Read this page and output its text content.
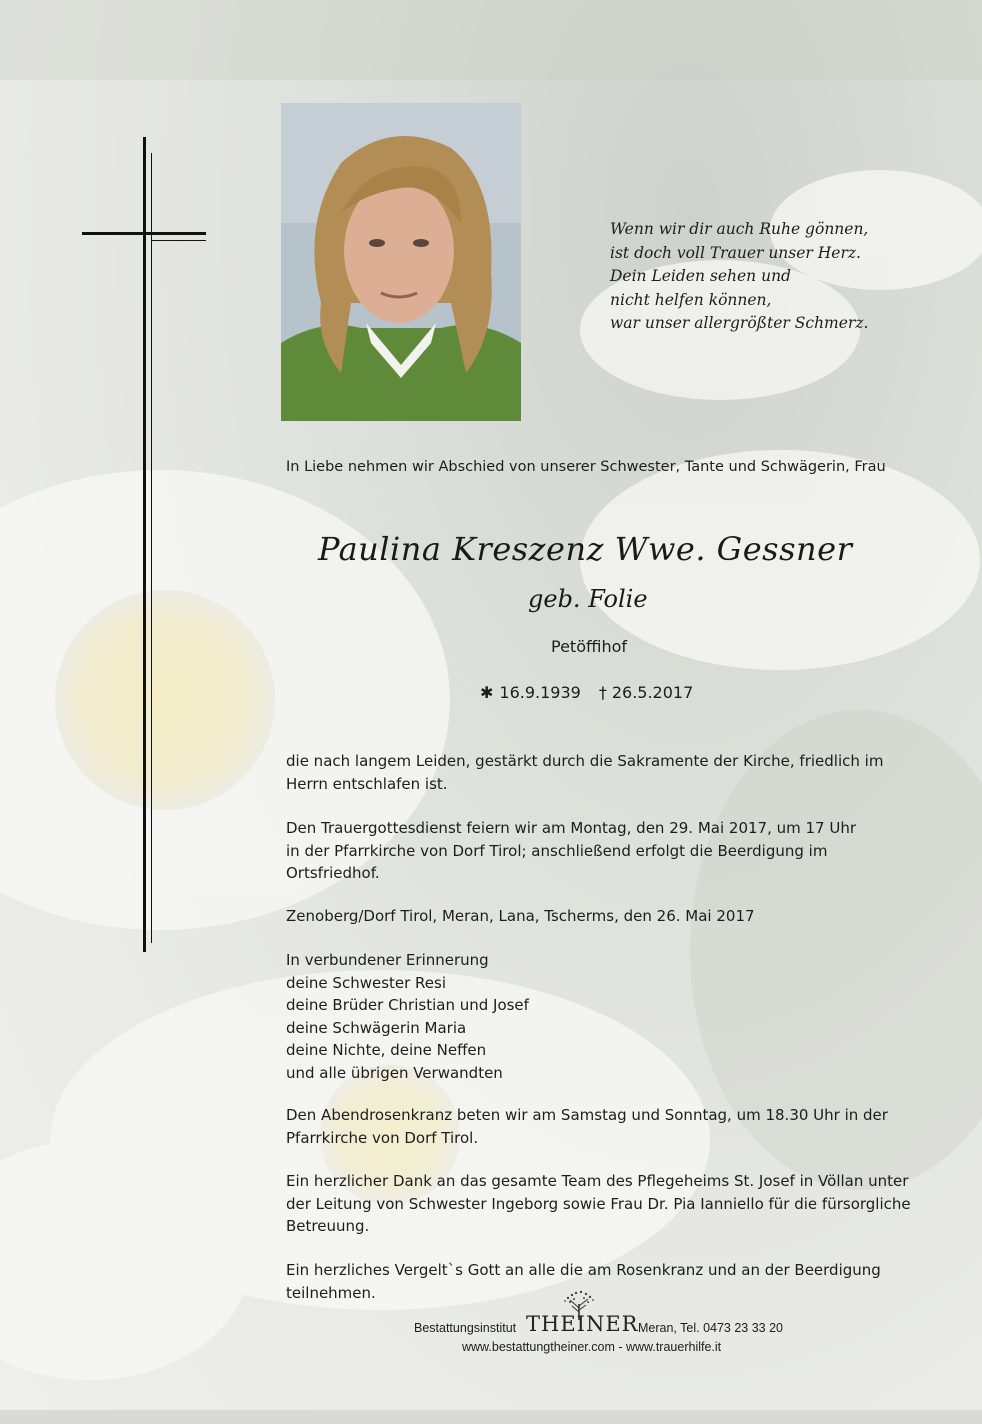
Wenn wir dir auch Ruhe gönnen,
ist doch voll Trauer unser Herz.
Dein Leiden sehen und
nicht helfen können,
war unser allergrößter Schmerz.
In Liebe nehmen wir Abschied von unserer Schwester, Tante und Schwägerin, Frau
Paulina Kreszenz Wwe. Gessner
geb. Folie
Petöffihof
✱ 16.9.1939 † 26.5.2017
die nach langem Leiden, gestärkt durch die Sakramente der Kirche, friedlich im
Herrn entschlafen ist.
Den Trauergottesdienst feiern wir am Montag, den 29. Mai 2017, um 17 Uhr
in der Pfarrkirche von Dorf Tirol; anschließend erfolgt die Beerdigung im
Ortsfriedhof.
Zenoberg/Dorf Tirol, Meran, Lana, Tscherms, den 26. Mai 2017
In verbundener Erinnerung
deine Schwester Resi
deine Brüder Christian und Josef
deine Schwägerin Maria
deine Nichte, deine Neffen
und alle übrigen Verwandten
Den Abendrosenkranz beten wir am Samstag und Sonntag, um 18.30 Uhr in der
Pfarrkirche von Dorf Tirol.
Ein herzlicher Dank an das gesamte Team des Pflegeheims St. Josef in Völlan unter
der Leitung von Schwester Ingeborg sowie Frau Dr. Pia Ianniello für die fürsorgliche
Betreuung.
Ein herzliches Vergelt`s Gott an alle die am Rosenkranz und an der Beerdigung
teilnehmen.
Bestattungsinstitut THEINER Meran, Tel. 0473 23 33 20
www.bestattungtheiner.com - www.trauerhilfe.it
